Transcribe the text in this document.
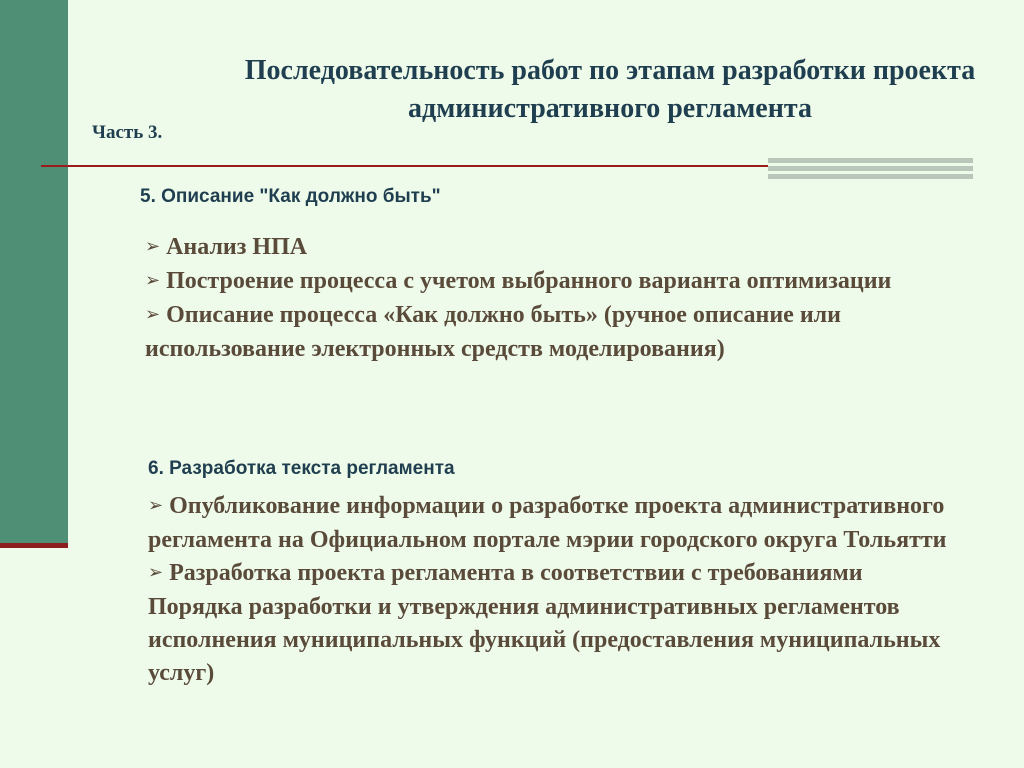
Последовательность работ по этапам разработки проекта административного регламента
Часть 3.
5. Описание "Как должно быть"

➢ Анализ НПА

➢ Построение процесса с учетом выбранного варианта оптимизации

➢ Описание процесса «Как должно быть» (ручное описание или использование электронных средств моделирования)

6. Разработка текста регламента

➢ Опубликование информации о разработке проекта административного регламента на Официальном портале мэрии городского округа Тольятти

➢ Разработка проекта регламента в соответствии с требованиями Порядка разработки и утверждения административных регламентов исполнения муниципальных функций (предоставления муниципальных услуг)
